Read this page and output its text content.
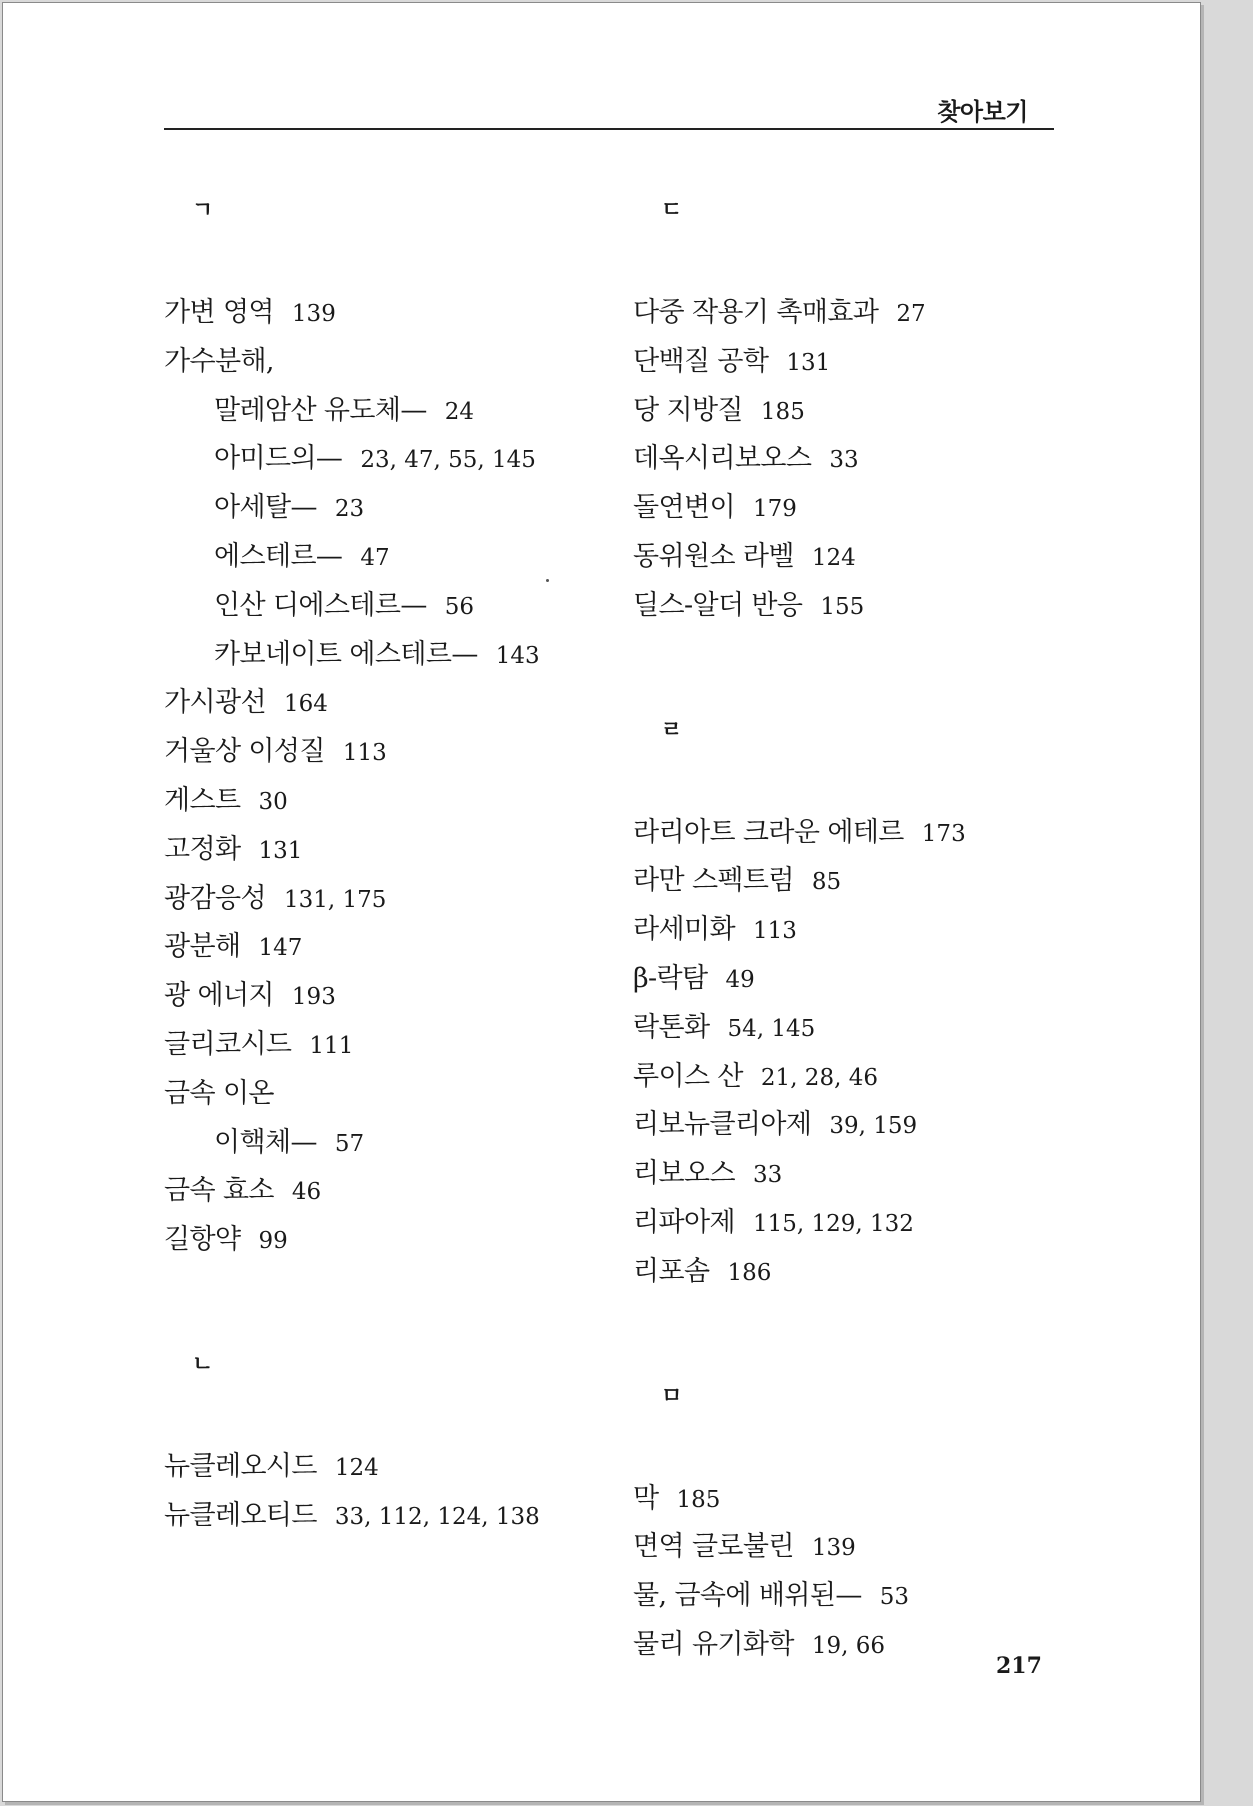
찾아보기
ㄱ
가변 영역 139
가수분해,
말레암산 유도체— 24
아미드의— 23, 47, 55, 145
아세탈— 23
에스테르— 47
인산 디에스테르— 56
카보네이트 에스테르— 143
가시광선 164
거울상 이성질 113
게스트 30
고정화 131
광감응성 131, 175
광분해 147
광 에너지 193
글리코시드 111
금속 이온
이핵체— 57
금속 효소 46
길항약 99
ㄴ
뉴클레오시드 124
뉴클레오티드 33, 112, 124, 138
ㄷ
다중 작용기 촉매효과 27
단백질 공학 131
당 지방질 185
데옥시리보오스 33
돌연변이 179
동위원소 라벨 124
딜스-알더 반응 155
ㄹ
라리아트 크라운 에테르 173
라만 스펙트럼 85
라세미화 113
β-락탐 49
락톤화 54, 145
루이스 산 21, 28, 46
리보뉴클리아제 39, 159
리보오스 33
리파아제 115, 129, 132
리포솜 186
ㅁ
막 185
면역 글로불린 139
물, 금속에 배위된— 53
물리 유기화학 19, 66
217
